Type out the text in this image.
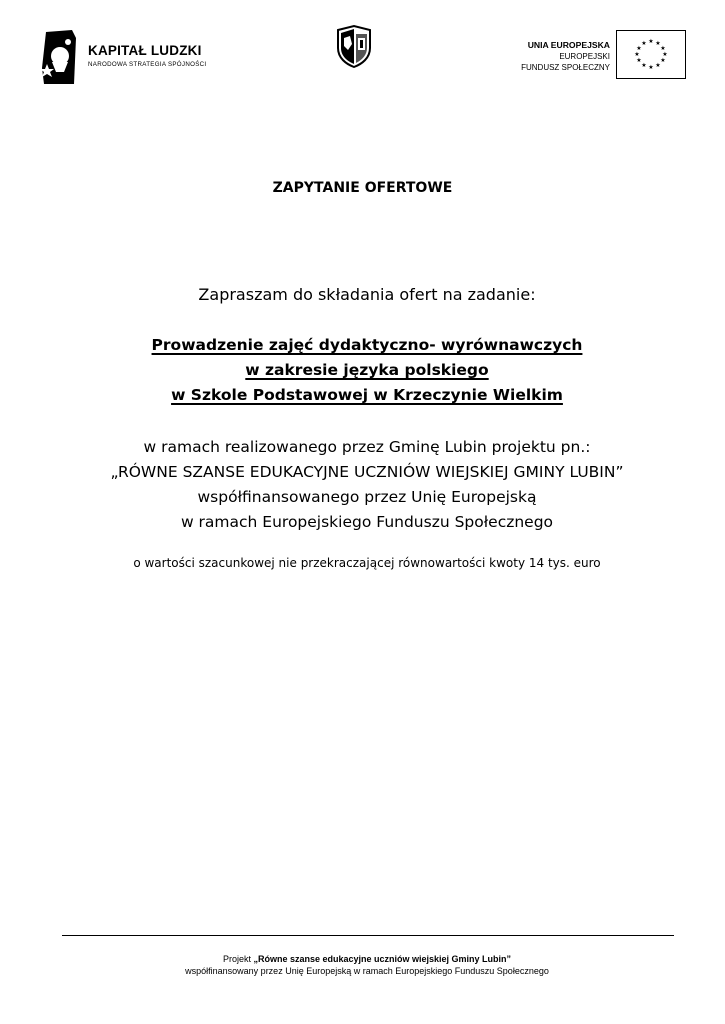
KAPITAŁ LUDZKI
NARODOWA STRATEGIA SPÓJNOŚCI
UNIA EUROPEJSKA
EUROPEJSKI
FUNDUSZ SPOŁECZNY
★ ★
★
★
★
★
★
★
★
★
★
★
ZAPYTANIE OFERTOWE
Zapraszam do składania ofert na zadanie:
Prowadzenie zajęć dydaktyczno- wyrównawczych
w zakresie języka polskiego
w Szkole Podstawowej w Krzeczynie Wielkim
w ramach realizowanego przez Gminę Lubin projektu pn.:
„RÓWNE SZANSE EDUKACYJNE UCZNIÓW WIEJSKIEJ GMINY LUBIN”
współfinansowanego przez Unię Europejską
w ramach Europejskiego Funduszu Społecznego
o wartości szacunkowej nie przekraczającej równowartości kwoty 14 tys. euro
Projekt „Równe szanse edukacyjne uczniów wiejskiej Gminy Lubin”
współfinansowany przez Unię Europejską w ramach Europejskiego Funduszu Społecznego
